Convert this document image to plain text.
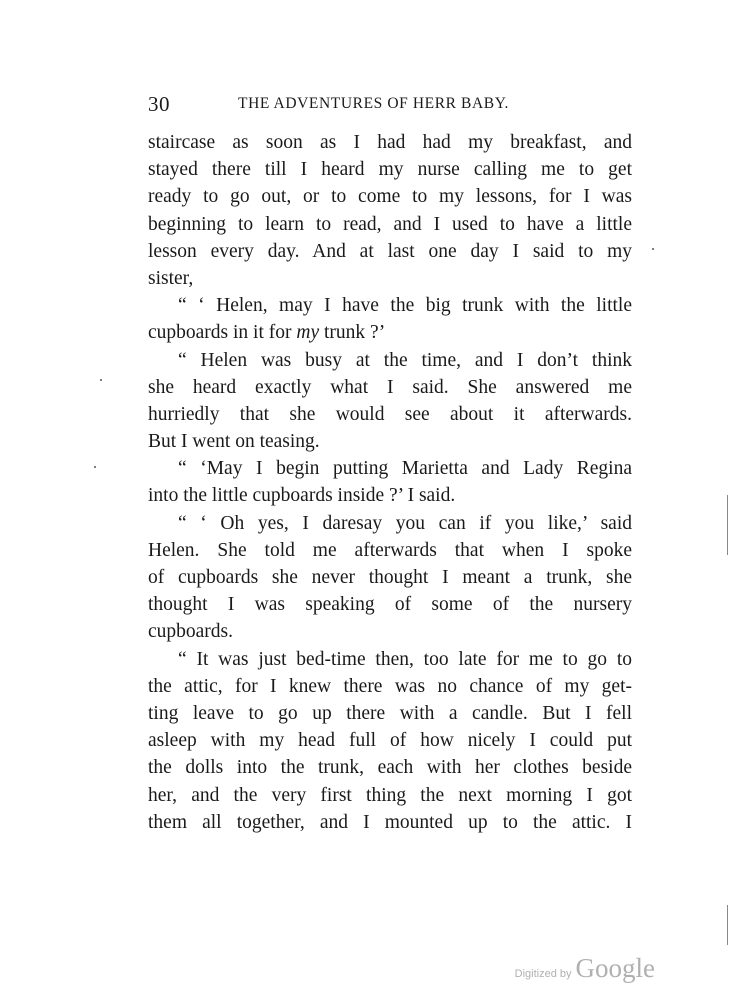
30	THE ADVENTURES OF HERR BABY.
staircase as soon as I had had my breakfast, and
stayed there till I heard my nurse calling me to get
ready to go out, or to come to my lessons, for I was
beginning to learn to read, and I used to have a little
lesson every day. And at last one day I said to my
sister,
“ ‘ Helen, may I have the big trunk with the little
cupboards in it for my trunk ?’
“ Helen was busy at the time, and I don’t think
she heard exactly what I said. She answered me
hurriedly that she would see about it afterwards.
But I went on teasing.
“ ‘May I begin putting Marietta and Lady Regina
into the little cupboards inside ?’ I said.
“ ‘ Oh yes, I daresay you can if you like,’ said
Helen. She told me afterwards that when I spoke
of cupboards she never thought I meant a trunk, she
thought I was speaking of some of the nursery
cupboards.
“ It was just bed-time then, too late for me to go to
the attic, for I knew there was no chance of my get-
ting leave to go up there with a candle. But I fell
asleep with my head full of how nicely I could put
the dolls into the trunk, each with her clothes beside
her, and the very first thing the next morning I got
them all together, and I mounted up to the attic. I
Digitized by Google
